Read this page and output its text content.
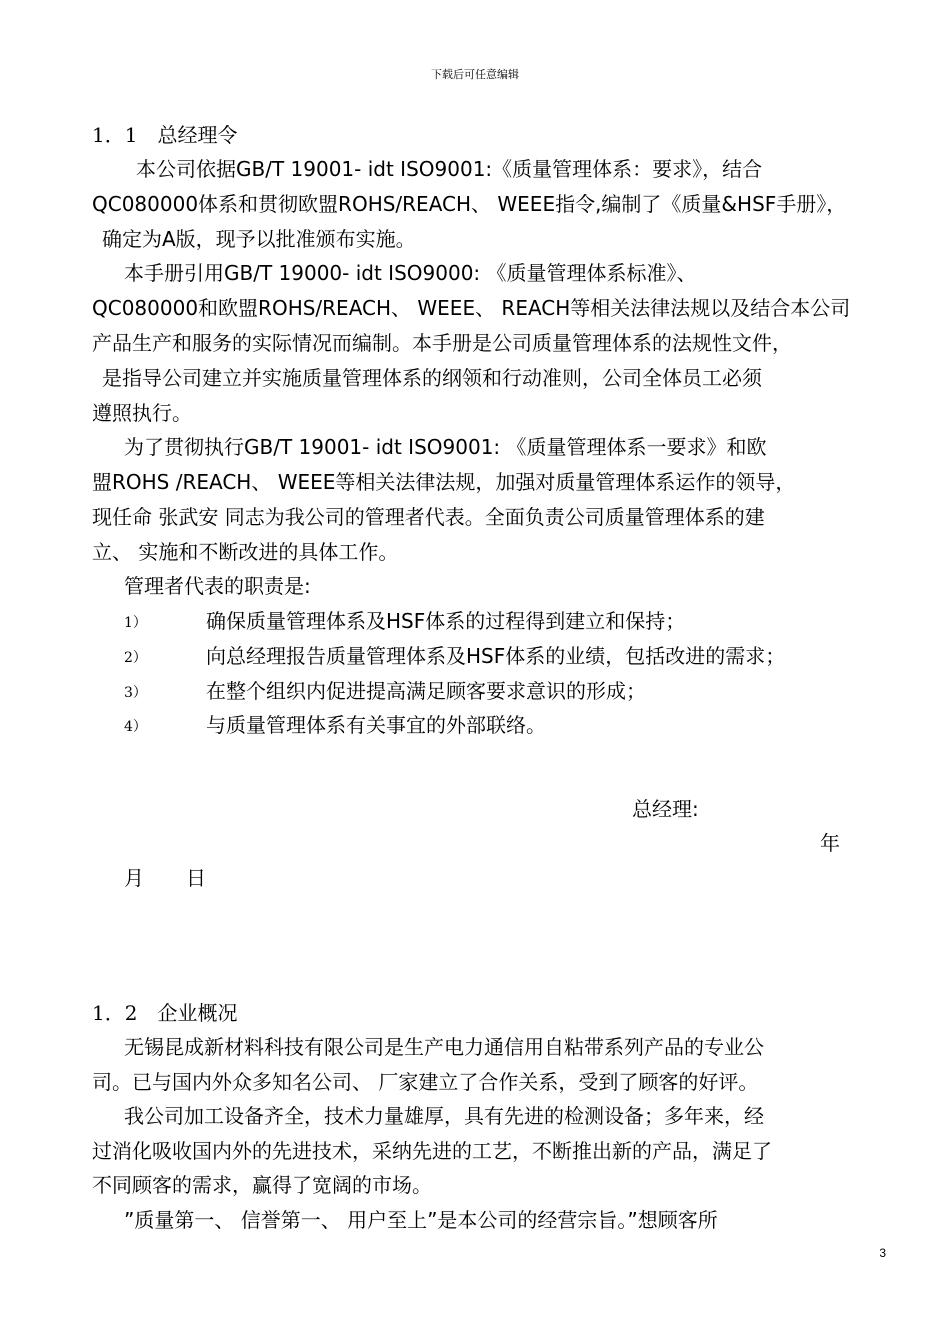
下载后可任意编辑
1．1　总经理令
本公司依据GB/T 19001- idt ISO9001:《质量管理体系：要求》，结合
QC080000体系和贯彻欧盟ROHS/REACH、 WEEE指令,编制了《质量&HSF手册》，
确定为A版，现予以批准颁布实施。
本手册引用GB/T 19000- idt ISO9000: 《质量管理体系标准》、
QC080000和欧盟ROHS/REACH、 WEEE、 REACH等相关法律法规以及结合本公司
产品生产和服务的实际情况而编制。本手册是公司质量管理体系的法规性文件，
是指导公司建立并实施质量管理体系的纲领和行动准则，公司全体员工必须
遵照执行。
为了贯彻执行GB/T 19001- idt ISO9001: 《质量管理体系一要求》和欧
盟ROHS /REACH、 WEEE等相关法律法规，加强对质量管理体系运作的领导，
现任命 张武安 同志为我公司的管理者代表。全面负责公司质量管理体系的建
立、 实施和不断改进的具体工作。
管理者代表的职责是:
1）	确保质量管理体系及HSF体系的过程得到建立和保持；
2）	向总经理报告质量管理体系及HSF体系的业绩，包括改进的需求；
3）	在整个组织内促进提高满足顾客要求意识的形成；
4）	与质量管理体系有关事宜的外部联络。
总经理:
年
月 日
1．2　企业概况
无锡昆成新材料科技有限公司是生产电力通信用自粘带系列产品的专业公
司。已与国内外众多知名公司、 厂家建立了合作关系，受到了顾客的好评。
我公司加工设备齐全，技术力量雄厚，具有先进的检测设备；多年来，经
过消化吸收国内外的先进技术，采纳先进的工艺，不断推出新的产品，满足了
不同顾客的需求，赢得了宽阔的市场。
”质量第一、 信誉第一、 用户至上”是本公司的经营宗旨。”想顾客所
3
